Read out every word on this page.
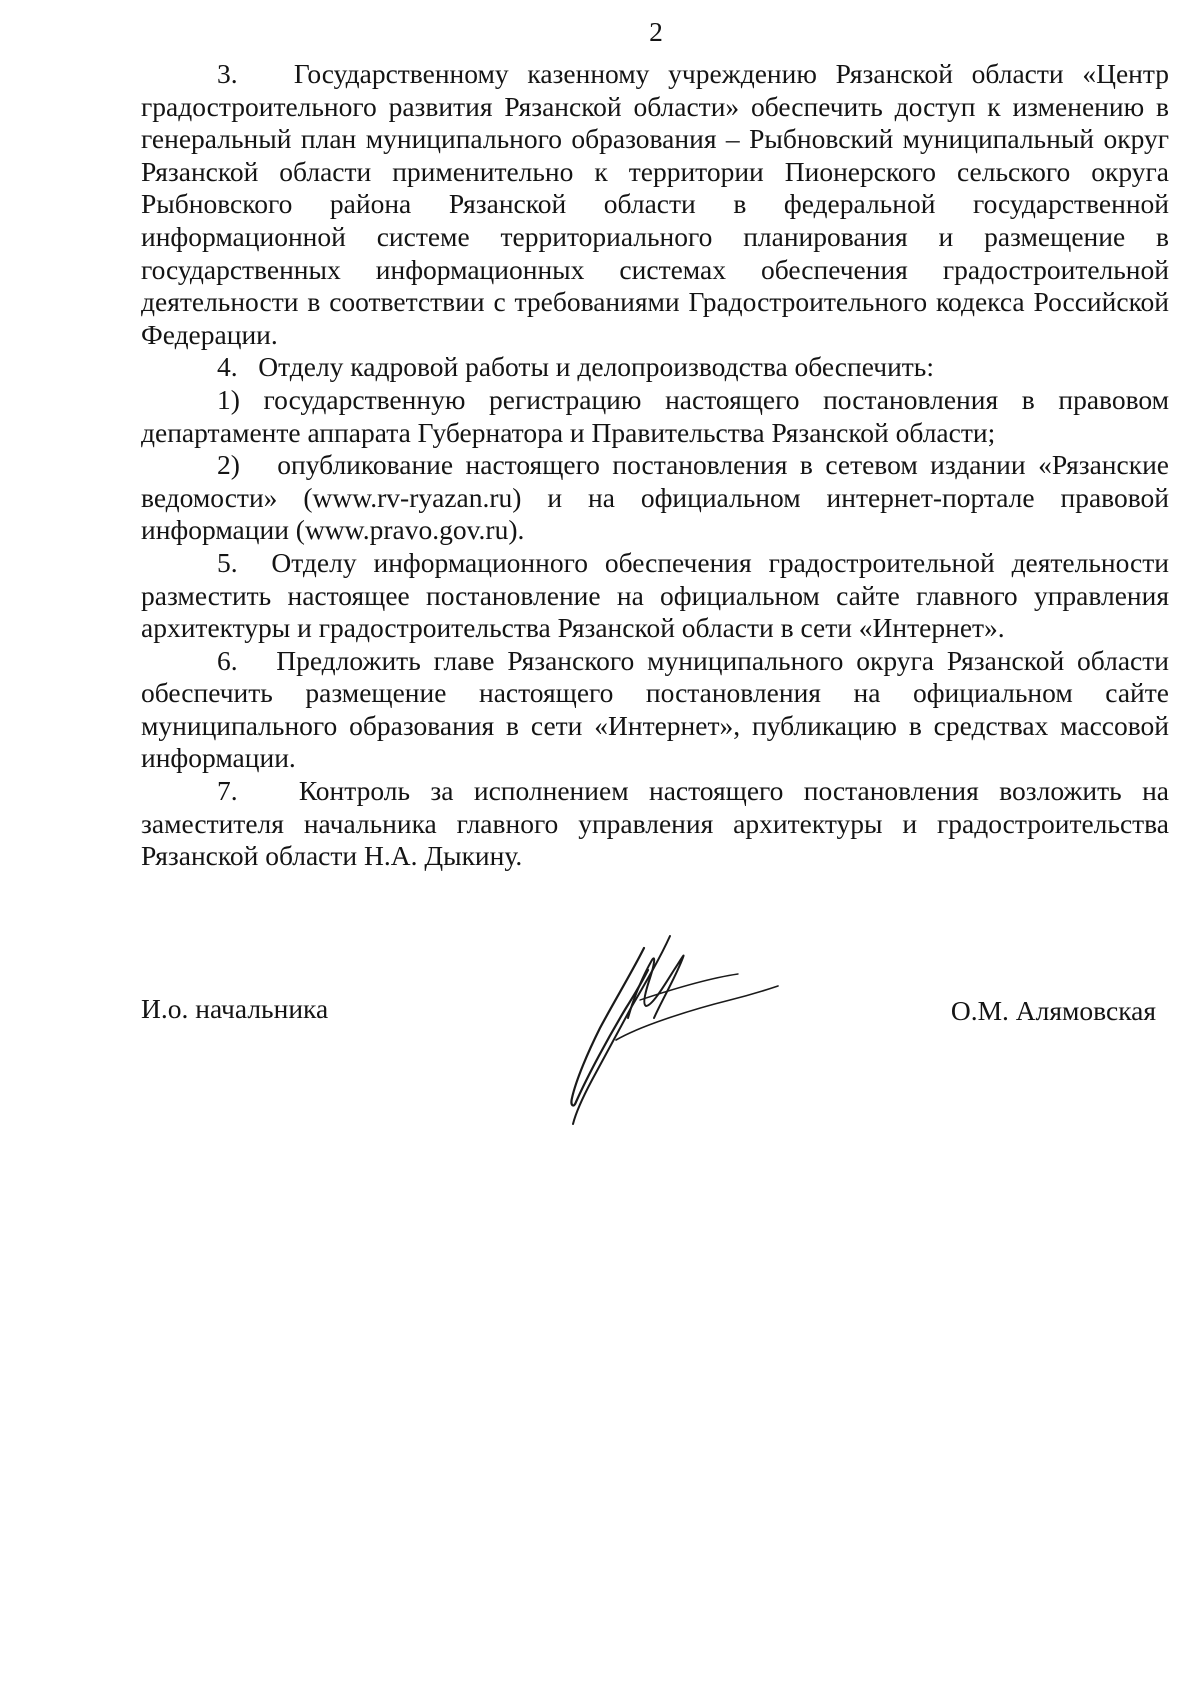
2

3.   Государственному казенному учреждению Рязанской области «Центр градостроительного развития Рязанской области» обеспечить доступ к изменению в генеральный план муниципального образования – Рыбновский муниципальный округ Рязанской области применительно к территории Пионерского сельского округа Рыбновского района Рязанской области в федеральной государственной информационной системе территориального планирования и размещение в государственных информационных системах обеспечения градостроительной деятельности в соответствии с требованиями Градостроительного кодекса Российской Федерации.

4.   Отделу кадровой работы и делопроизводства обеспечить:

1) государственную регистрацию настоящего постановления в правовом департаменте аппарата Губернатора и Правительства Рязанской области;

2)   опубликование настоящего постановления в сетевом издании «Рязанские ведомости» (www.rv-ryazan.ru) и на официальном интернет-портале правовой информации (www.pravo.gov.ru).

5.  Отделу информационного обеспечения градостроительной деятельности разместить настоящее постановление на официальном сайте главного управления архитектуры и градостроительства Рязанской области в сети «Интернет».

6.   Предложить главе Рязанского муниципального округа Рязанской области обеспечить размещение настоящего постановления на официальном сайте муниципального образования в сети «Интернет», публикацию в средствах массовой информации.

7.   Контроль за исполнением настоящего постановления возложить на заместителя начальника главного управления архитектуры и градостроительства Рязанской области Н.А. Дыкину.

И.о. начальника	О.М. Алямовская
